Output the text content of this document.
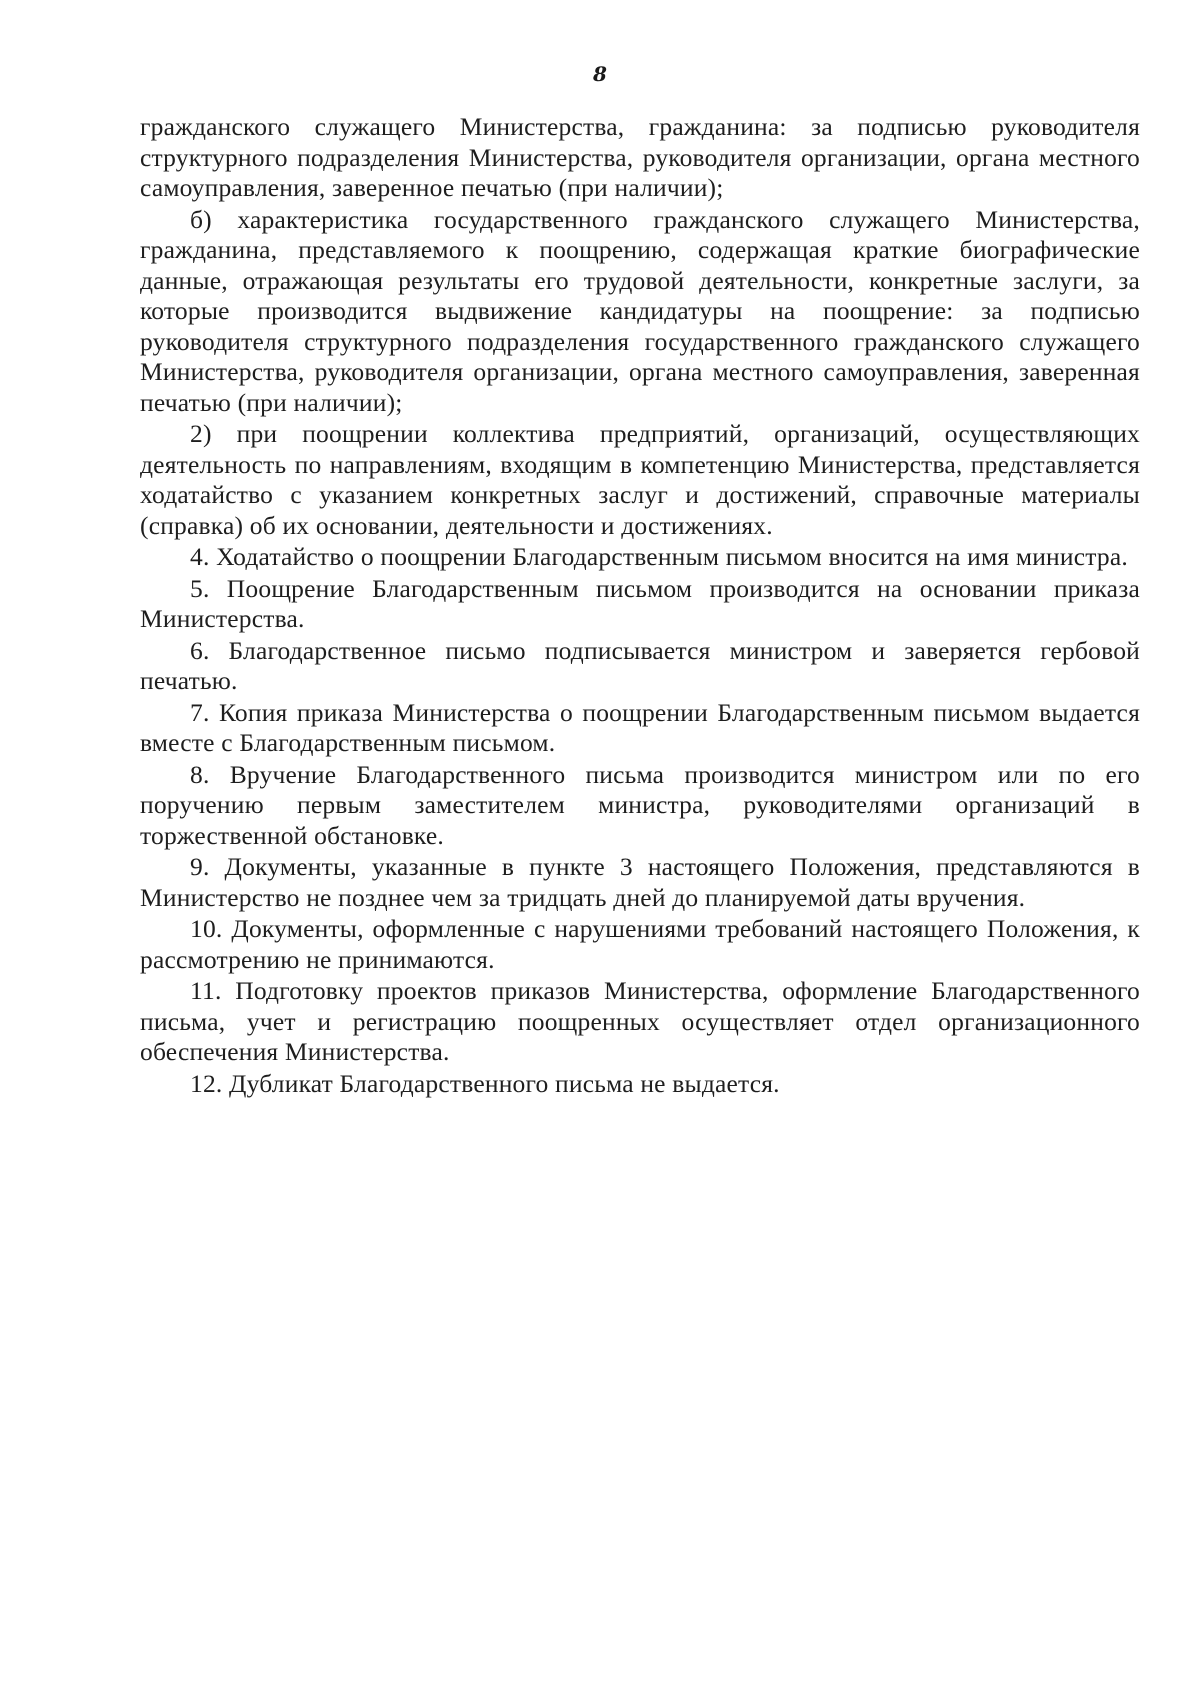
8

гражданского служащего Министерства, гражданина: за подписью руководителя структурного подразделения Министерства, руководителя организации, органа местного самоуправления, заверенное печатью (при наличии);

б) характеристика государственного гражданского служащего Министерства, гражданина, представляемого к поощрению, содержащая краткие биографические данные, отражающая результаты его трудовой деятельности, конкретные заслуги, за которые производится выдвижение кандидатуры на поощрение: за подписью руководителя структурного подразделения государственного гражданского служащего Министерства, руководителя организации, органа местного самоуправления, заверенная печатью (при наличии);

2) при поощрении коллектива предприятий, организаций, осуществляющих деятельность по направлениям, входящим в компетенцию Министерства, представляется ходатайство с указанием конкретных заслуг и достижений, справочные материалы (справка) об их основании, деятельности и достижениях.

4. Ходатайство о поощрении Благодарственным письмом вносится на имя министра.

5. Поощрение Благодарственным письмом производится на основании приказа Министерства.

6. Благодарственное письмо подписывается министром и заверяется гербовой печатью.

7. Копия приказа Министерства о поощрении Благодарственным письмом выдается вместе с Благодарственным письмом.

8. Вручение Благодарственного письма производится министром или по его поручению первым заместителем министра, руководителями организаций в торжественной обстановке.

9. Документы, указанные в пункте 3 настоящего Положения, представляются в Министерство не позднее чем за тридцать дней до планируемой даты вручения.

10. Документы, оформленные с нарушениями требований настоящего Положения, к рассмотрению не принимаются.

11. Подготовку проектов приказов Министерства, оформление Благодарственного письма, учет и регистрацию поощренных осуществляет отдел организационного обеспечения Министерства.

12. Дубликат Благодарственного письма не выдается.
